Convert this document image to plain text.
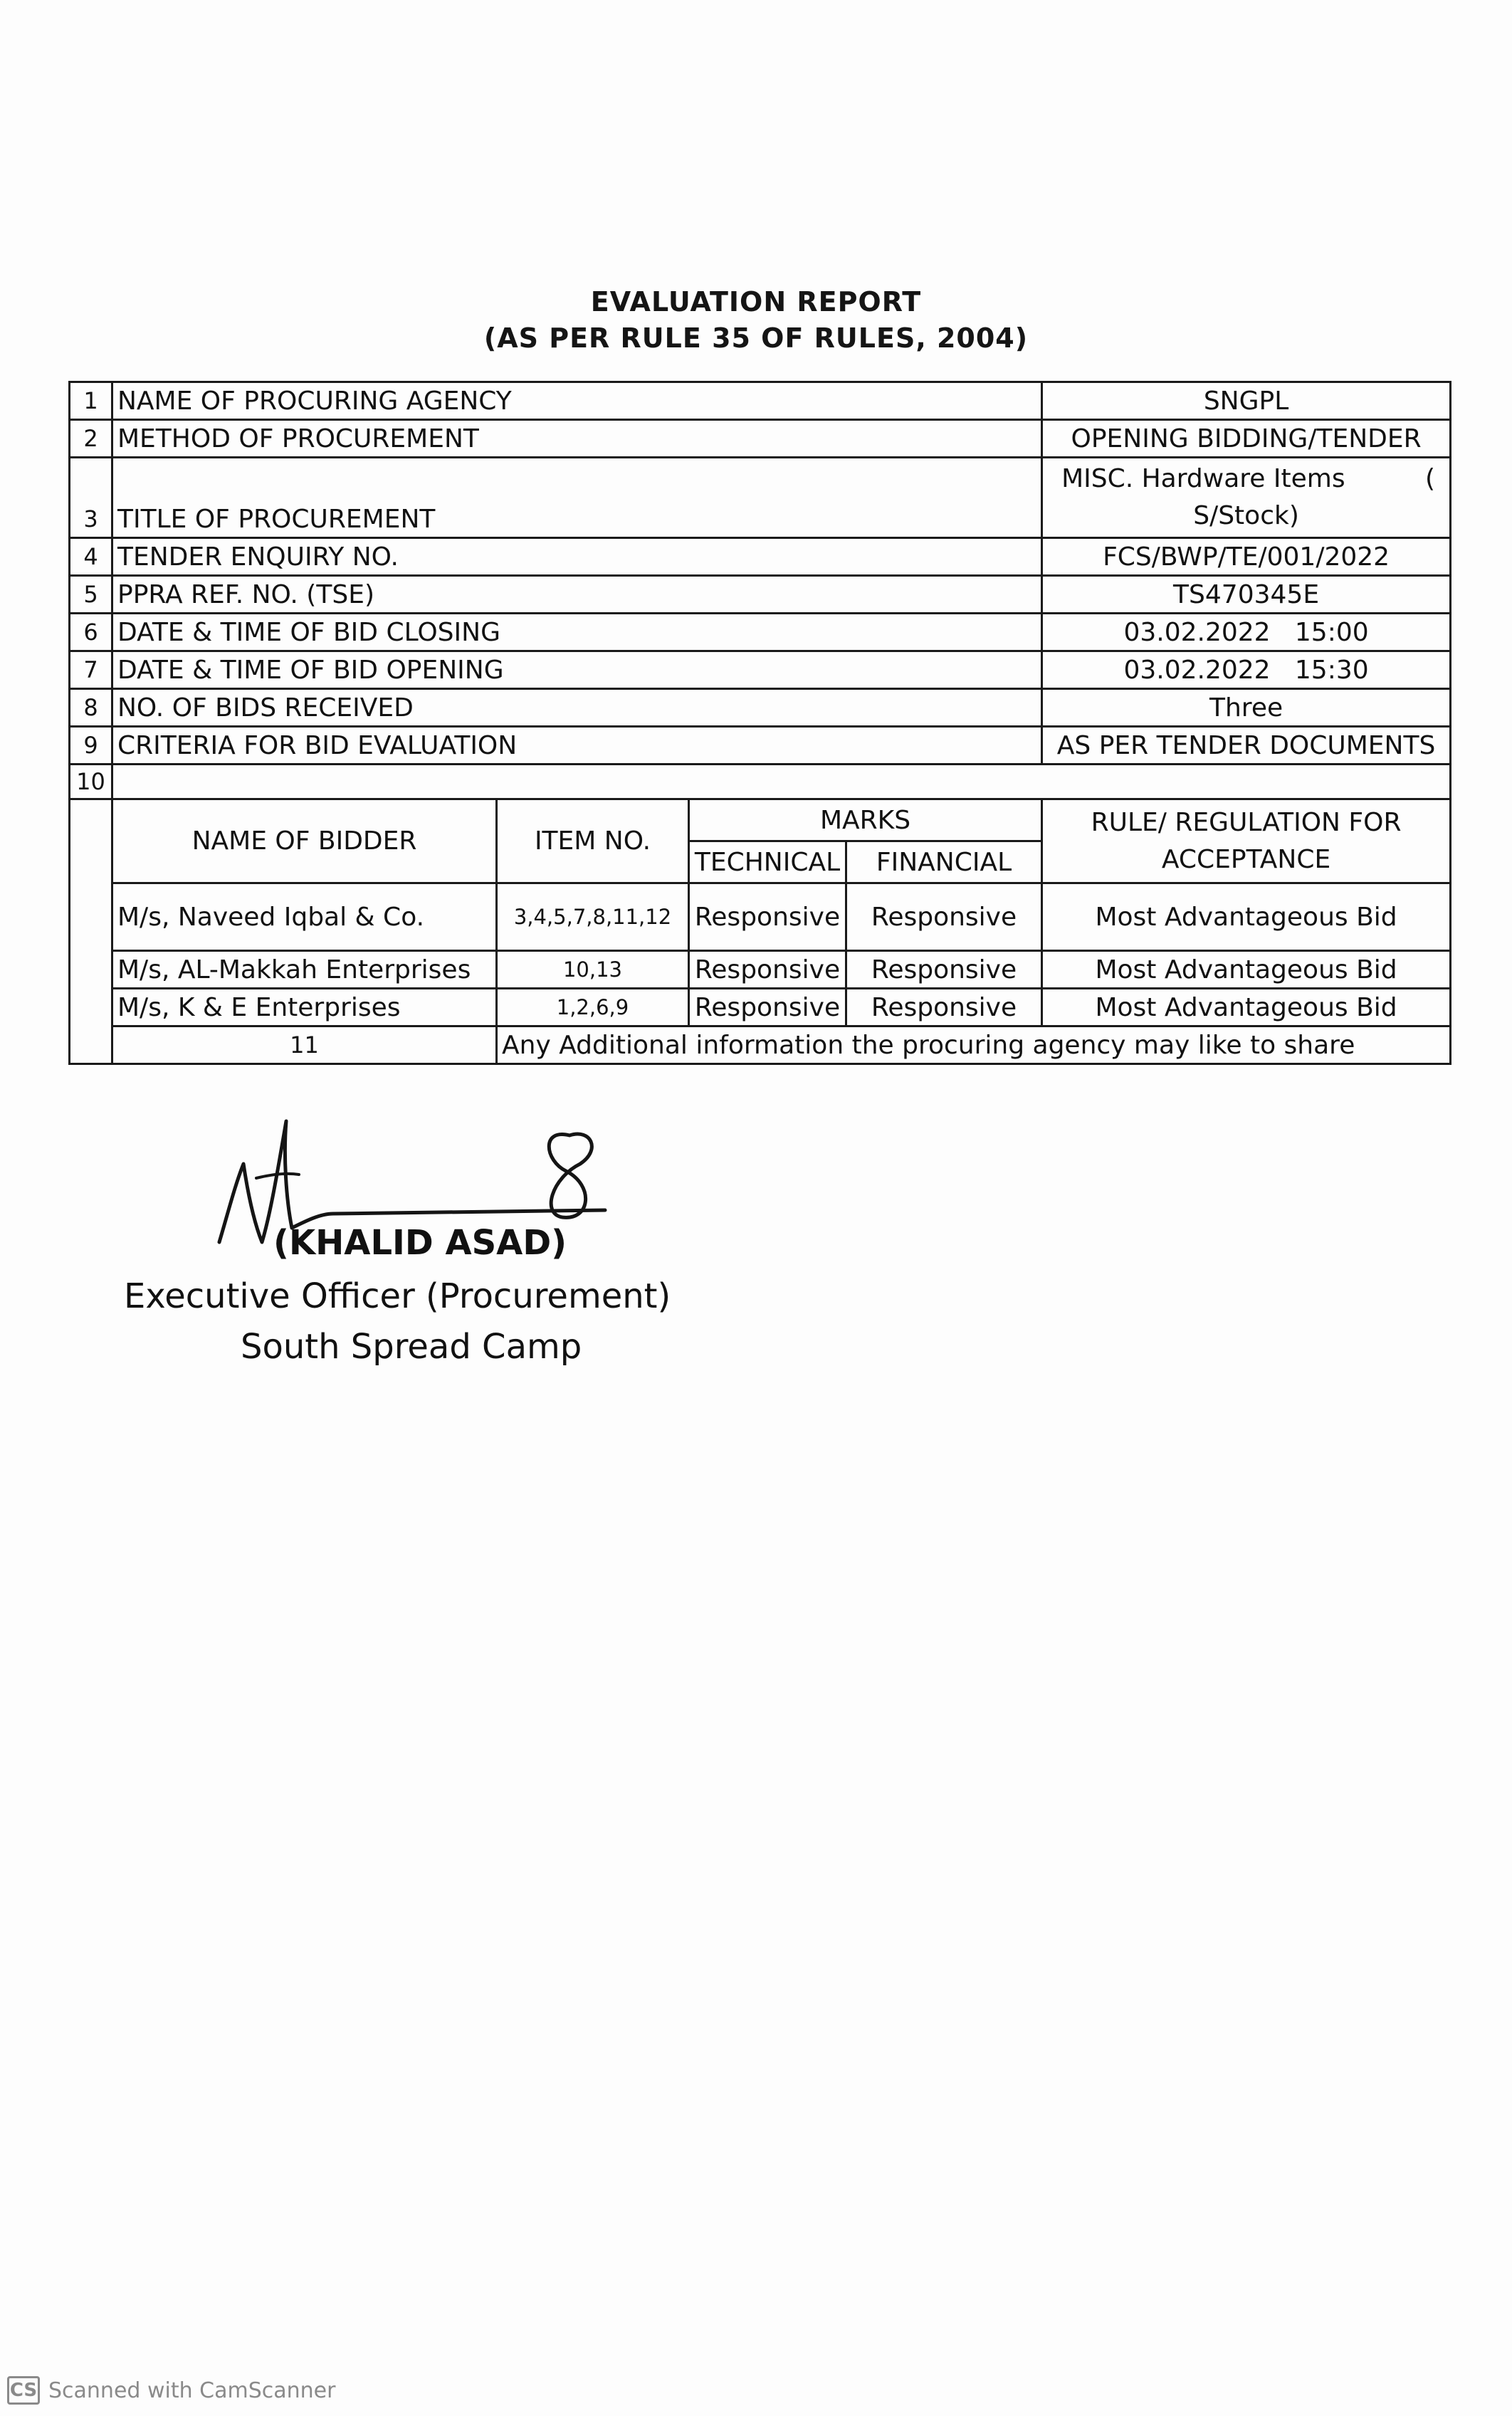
EVALUATION REPORT
(AS PER RULE 35 OF RULES, 2004)
1	NAME OF PROCURING AGENCY				SNGPL	
2	METHOD OF PROCUREMENT				OPENING BIDDING/TENDER	
3	TITLE OF PROCUREMENT				MISC. Hardware Items (
S/Stock)	

4	TENDER ENQUIRY NO.				FCS/BWP/TE/001/2022	
5	PPRA REF. NO. (TSE)				TS470345E	
6	DATE & TIME OF BID CLOSING				03.02.2022   15:00	
7	DATE & TIME OF BID OPENING				03.02.2022   15:30	
8	NO. OF BIDS RECEIVED				Three	
9	CRITERIA FOR BID EVALUATION				AS PER TENDER DOCUMENTS	
10						
	NAME OF BIDDER	ITEM NO.	MARKS		RULE/ REGULATION FOR ACCEPTANCE	
			TECHNICAL	FINANCIAL		
	M/s, Naveed Iqbal & Co.	3,4,5,7,8,11,12	Responsive	Responsive	Most Advantageous Bid	
	M/s, AL-Makkah Enterprises	10,13	Responsive	Responsive	Most Advantageous Bid	
	M/s, K & E Enterprises	1,2,6,9	Responsive	Responsive	Most Advantageous Bid	
	11	Any Additional information the procuring agency may like to share	
(KHALID ASAD)
Executive Officer (Procurement)
South Spread Camp
CS Scanned with CamScanner
